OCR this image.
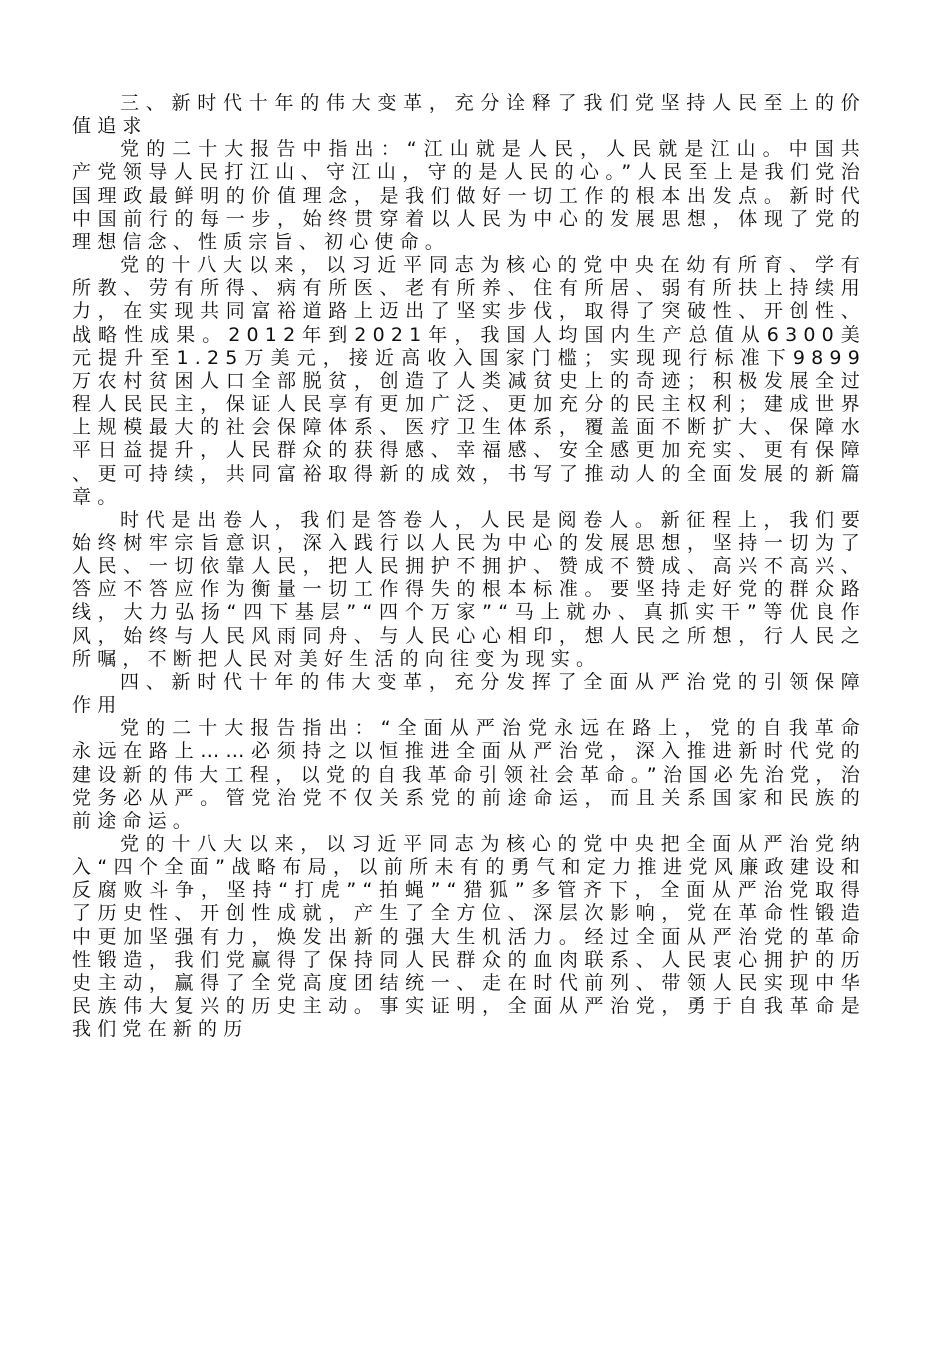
三、新时代十年的伟大变革，充分诠释了我们党坚持人民至上的价值追求

党的二十大报告中指出：“江山就是人民，人民就是江山。中国共产党领导人民打江山、守江山，守的是人民的心。”人民至上是我们党治国理政最鲜明的价值理念，是我们做好一切工作的根本出发点。新时代中国前行的每一步，始终贯穿着以人民为中心的发展思想，体现了党的理想信念、性质宗旨、初心使命。

党的十八大以来，以习近平同志为核心的党中央在幼有所育、学有所教、劳有所得、病有所医、老有所养、住有所居、弱有所扶上持续用力，在实现共同富裕道路上迈出了坚实步伐，取得了突破性、开创性、战略性成果。2012年到2021年，我国人均国内生产总值从6300美元提升至1.25万美元，接近高收入国家门槛；实现现行标准下9899万农村贫困人口全部脱贫，创造了人类减贫史上的奇迹；积极发展全过程人民民主，保证人民享有更加广泛、更加充分的民主权利；建成世界上规模最大的社会保障体系、医疗卫生体系，覆盖面不断扩大、保障水平日益提升，人民群众的获得感、幸福感、安全感更加充实、更有保障、更可持续，共同富裕取得新的成效，书写了推动人的全面发展的新篇章。

时代是出卷人，我们是答卷人，人民是阅卷人。新征程上，我们要始终树牢宗旨意识，深入践行以人民为中心的发展思想，坚持一切为了人民、一切依靠人民，把人民拥护不拥护、赞成不赞成、高兴不高兴、答应不答应作为衡量一切工作得失的根本标准。要坚持走好党的群众路线，大力弘扬“四下基层”“四个万家”“马上就办、真抓实干”等优良作风，始终与人民风雨同舟、与人民心心相印，想人民之所想，行人民之所嘱，不断把人民对美好生活的向往变为现实。

四、新时代十年的伟大变革，充分发挥了全面从严治党的引领保障作用

党的二十大报告指出：“全面从严治党永远在路上，党的自我革命永远在路上……必须持之以恒推进全面从严治党，深入推进新时代党的建设新的伟大工程，以党的自我革命引领社会革命。”治国必先治党，治党务必从严。管党治党不仅关系党的前途命运，而且关系国家和民族的前途命运。

党的十八大以来，以习近平同志为核心的党中央把全面从严治党纳入“四个全面”战略布局，以前所未有的勇气和定力推进党风廉政建设和反腐败斗争，坚持“打虎”“拍蝇”“猎狐”多管齐下，全面从严治党取得了历史性、开创性成就，产生了全方位、深层次影响，党在革命性锻造中更加坚强有力，焕发出新的强大生机活力。经过全面从严治党的革命性锻造，我们党赢得了保持同人民群众的血肉联系、人民衷心拥护的历史主动，赢得了全党高度团结统一、走在时代前列、带领人民实现中华民族伟大复兴的历史主动。事实证明，全面从严治党，勇于自我革命是我们党在新的历
